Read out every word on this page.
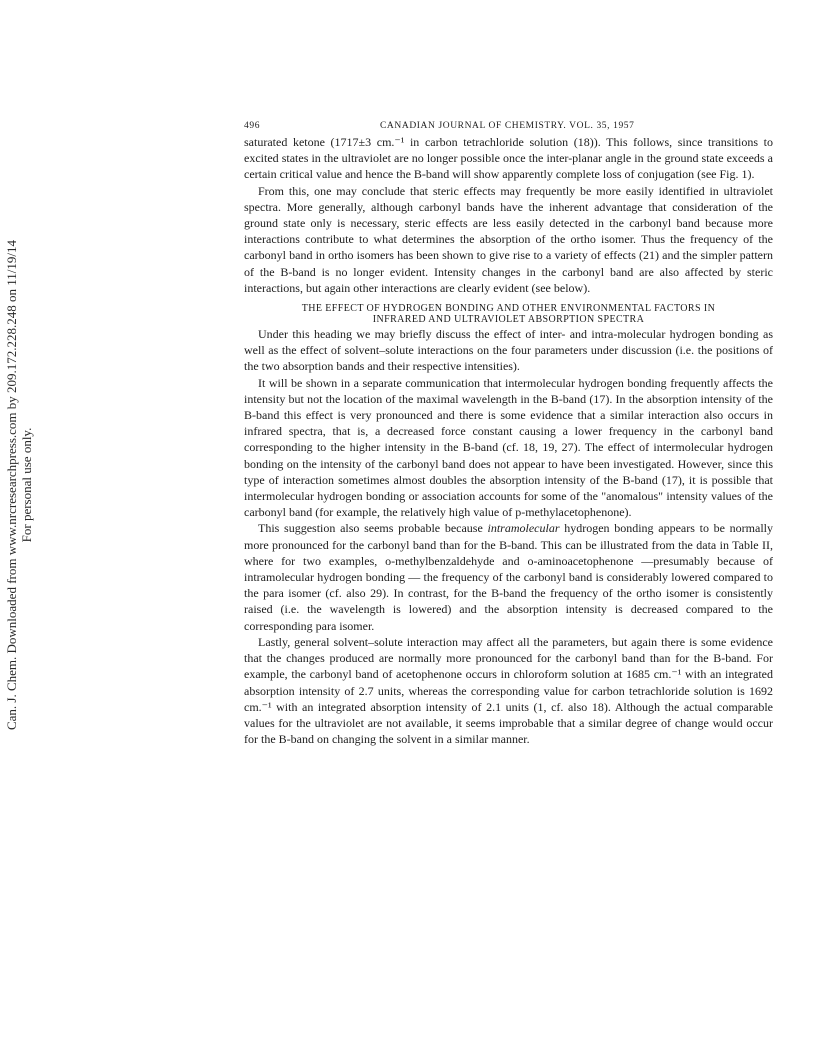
Can. J. Chem. Downloaded from www.nrcresearchpress.com by 209.172.228.248 on 11/19/14 For personal use only.
496	CANADIAN JOURNAL OF CHEMISTRY. VOL. 35, 1957

saturated ketone (1717±3 cm.⁻¹ in carbon tetrachloride solution (18)). This follows, since transitions to excited states in the ultraviolet are no longer possible once the inter-planar angle in the ground state exceeds a certain critical value and hence the B-band will show apparently complete loss of conjugation (see Fig. 1).

From this, one may conclude that steric effects may frequently be more easily identified in ultraviolet spectra. More generally, although carbonyl bands have the inherent advantage that consideration of the ground state only is necessary, steric effects are less easily detected in the carbonyl band because more interactions contribute to what determines the absorption of the ortho isomer. Thus the frequency of the carbonyl band in ortho isomers has been shown to give rise to a variety of effects (21) and the simpler pattern of the B-band is no longer evident. Intensity changes in the carbonyl band are also affected by steric interactions, but again other interactions are clearly evident (see below).

THE EFFECT OF HYDROGEN BONDING AND OTHER ENVIRONMENTAL FACTORS IN
INFRARED AND ULTRAVIOLET ABSORPTION SPECTRA

Under this heading we may briefly discuss the effect of inter- and intra-molecular hydrogen bonding as well as the effect of solvent–solute interactions on the four parameters under discussion (i.e. the positions of the two absorption bands and their respective intensities).

It will be shown in a separate communication that intermolecular hydrogen bonding frequently affects the intensity but not the location of the maximal wavelength in the B-band (17). In the absorption intensity of the B-band this effect is very pronounced and there is some evidence that a similar interaction also occurs in infrared spectra, that is, a decreased force constant causing a lower frequency in the carbonyl band corresponding to the higher intensity in the B-band (cf. 18, 19, 27). The effect of intermolecular hydrogen bonding on the intensity of the carbonyl band does not appear to have been investigated. However, since this type of interaction sometimes almost doubles the absorption intensity of the B-band (17), it is possible that intermolecular hydrogen bonding or association accounts for some of the "anomalous" intensity values of the carbonyl band (for example, the relatively high value of p-methylacetophenone).

This suggestion also seems probable because intramolecular hydrogen bonding appears to be normally more pronounced for the carbonyl band than for the B-band. This can be illustrated from the data in Table II, where for two examples, o-methylbenzaldehyde and o-aminoacetophenone —presumably because of intramolecular hydrogen bonding — the frequency of the carbonyl band is considerably lowered compared to the para isomer (cf. also 29). In contrast, for the B-band the frequency of the ortho isomer is consistently raised (i.e. the wavelength is lowered) and the absorption intensity is decreased compared to the corresponding para isomer.

Lastly, general solvent–solute interaction may affect all the parameters, but again there is some evidence that the changes produced are normally more pronounced for the carbonyl band than for the B-band. For example, the carbonyl band of acetophenone occurs in chloroform solution at 1685 cm.⁻¹ with an integrated absorption intensity of 2.7 units, whereas the corresponding value for carbon tetrachloride solution is 1692 cm.⁻¹ with an integrated absorption intensity of 2.1 units (1, cf. also 18). Although the actual comparable values for the ultraviolet are not available, it seems improbable that a similar degree of change would occur for the B-band on changing the solvent in a similar manner.
